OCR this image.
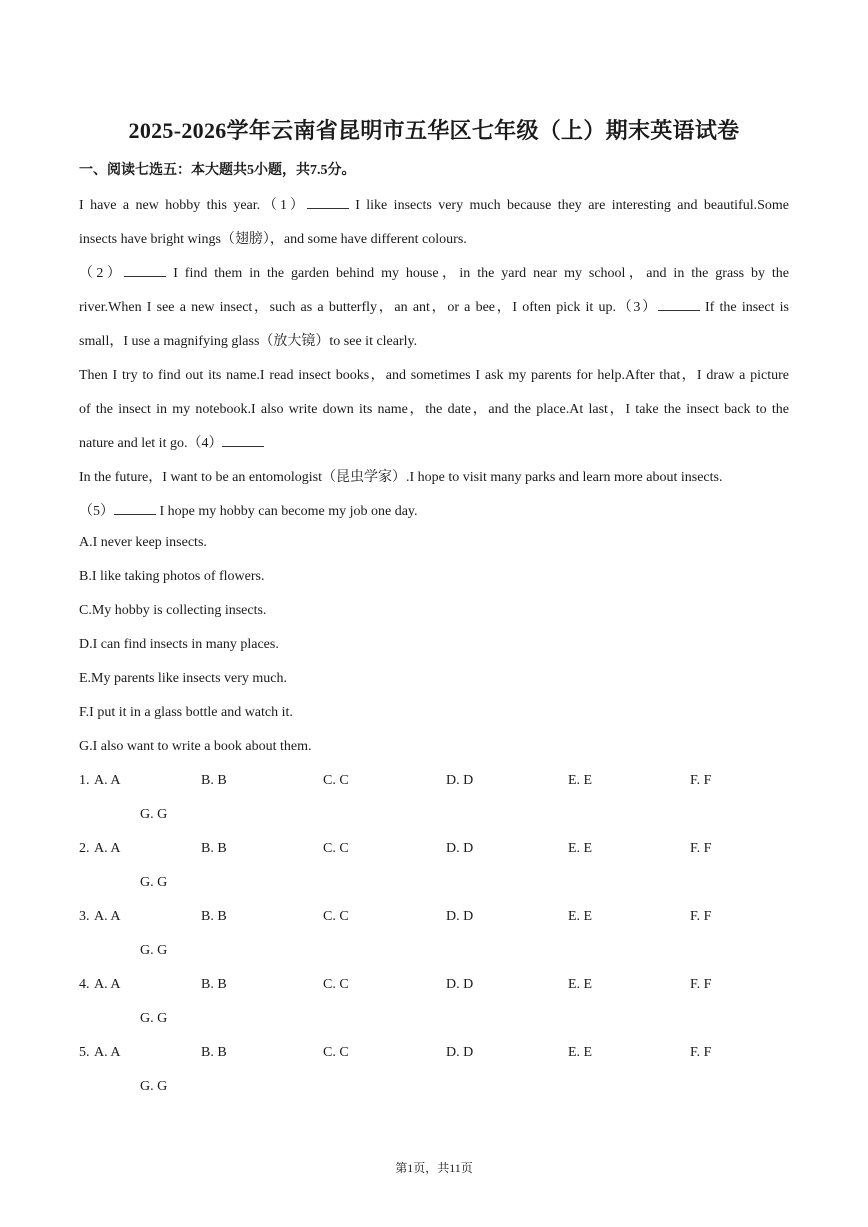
2025-2026学年云南省昆明市五华区七年级（上）期末英语试卷
一、阅读七选五：本大题共5小题，共7.5分。
I have a new hobby this year.（1）	I like insects very much because they are interesting and beautiful.Some
insects have bright wings（翅膀），and some have different colours.
（2）	I find them in the garden behind my house，in the yard near my school，and in the grass by the
river.When I see a new insect，such as a butterfly，an ant，or a bee，I often pick it up.（3）	If the insect is
small，I use a magnifying glass（放大镜）to see it clearly.
Then I try to find out its name.I read insect books，and sometimes I ask my parents for help.After that，I draw a picture
of the insect in my notebook.I also write down its name，the date，and the place.At last，I take the insect back to the
nature and let it go.（4）
In the future，I want to be an entomologist（昆虫学家）.I hope to visit many parks and learn more about insects.
（5）	I hope my hobby can become my job one day.
A.I never keep insects.
B.I like taking photos of flowers.
C.My hobby is collecting insects.
D.I can find insects in many places.
E.My parents like insects very much.
F.I put it in a glass bottle and watch it.
G.I also want to write a book about them.
1. A. A	B. B	C. C	D. D	E. E	F. F
G. G
2. A. A	B. B	C. C	D. D	E. E	F. F
G. G
3. A. A	B. B	C. C	D. D	E. E	F. F
G. G
4. A. A	B. B	C. C	D. D	E. E	F. F
G. G
5. A. A	B. B	C. C	D. D	E. E	F. F
G. G
第1页，共11页
